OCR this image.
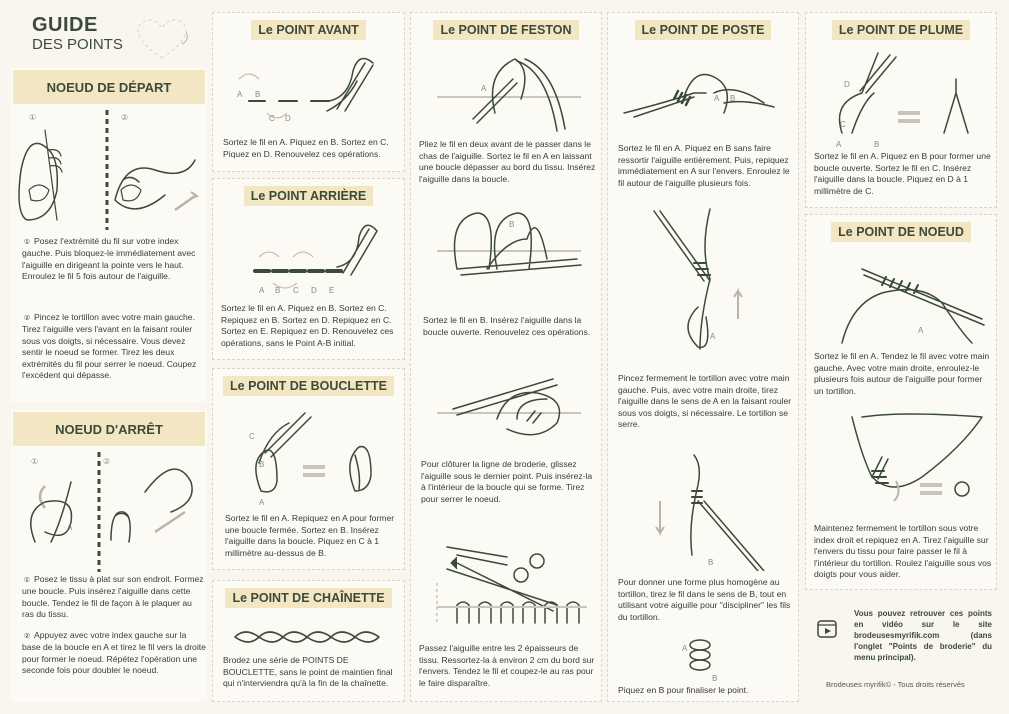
GUIDE
DES POINTS
NOEUD DE DÉPART
①	②
① Posez l'extrémité du fil sur votre index gauche. Puis bloquez-le immédiatement avec l'aiguille en dirigeant la pointe vers le haut. Enroulez le fil 5 fois autour de l'aiguille.
② Pincez le tortillon avec votre main gauche. Tirez l'aiguille vers l'avant en la faisant rouler sous vos doigts, si nécessaire. Vous devez sentir le noeud se former. Tirez les deux extrémités du fil pour serrer le noeud. Coupez l'excédent qui dépasse.
NOEUD D'ARRÊT
①	②
A
① Posez le tissu à plat sur son endroit. Formez une boucle. Puis insérez l'aiguille dans cette boucle. Tendez le fil de façon à le plaquer au ras du tissu.
② Appuyez avec votre index gauche sur la base de la boucle en A et tirez le fil vers la droite pour former le noeud. Répétez l'opération une seconde fois pour doubler le noeud.
Le POINT AVANT
A B
C D
Sortez le fil en A. Piquez en B. Sortez en C. Piquez en D. Renouvelez ces opérations.
Le POINT ARRIÈRE
A B C D E
Sortez le fil en A. Piquez en B. Sortez en C. Repiquez en B. Sortez en D. Repiquez en C. Sortez en E. Repiquez en D. Renouvelez ces opérations, sans le Point A-B initial.
Le POINT DE BOUCLETTE
C
B
A
Sortez le fil en A. Repiquez en A pour former une boucle fermée. Sortez en B. Insérez l'aiguille dans la boucle. Piquez en C à 1 millimètre au-dessus de B.
Le POINT DE CHAÎNETTE
Brodez une série de POINTS DE BOUCLETTE, sans le point de maintien final qui n'interviendra qu'à la fin de la chaînette.
Le POINT DE FESTON
A
Pliez le fil en deux avant de le passer dans le chas de l'aiguille. Sortez le fil en A en laissant une boucle dépasser au bord du tissu. Insérez l'aiguille dans la boucle.
B
Sortez le fil en B. Insérez l'aiguille dans la boucle ouverte. Renouvelez ces opérations.
Pour clôturer la ligne de broderie, glissez l'aiguille sous le dernier point. Puis insérez-la à l'intérieur de la boucle qui se forme. Tirez pour serrer le noeud.
Passez l'aiguille entre les 2 épaisseurs de tissu. Ressortez-la à environ 2 cm du bord sur l'envers. Tendez le fil et coupez-le au ras pour le faire disparaître.
Le POINT DE POSTE
A B
Sortez le fil en A. Piquez en B sans faire ressortir l'aiguille entièrement. Puis, repiquez immédiatement en A sur l'envers. Enroulez le fil autour de l'aiguille plusieurs fois.
A
Pincez fermement le tortillon avec votre main gauche. Puis, avec votre main droite, tirez l'aiguille dans le sens de A en la faisant rouler sous vos doigts, si nécessaire. Le tortillon se serre.
B
Pour donner une forme plus homogène au tortillon, tirez le fil dans le sens de B, tout en utilisant votre aiguille pour "discipliner" les fils du tortillon.
A
B
Piquez en B pour finaliser le point.
Le POINT DE PLUME
D
C
A	B
Sortez le fil en A. Piquez en B pour former une boucle ouverte. Sortez le fil en C. Insérez l'aiguille dans la boucle. Piquez en D à 1 millimètre de C.
Le POINT DE NOEUD
A
Sortez le fil en A. Tendez le fil avec votre main gauche. Avec votre main droite, enroulez-le plusieurs fois autour de l'aiguille pour former un tortillon.
Maintenez fermement le tortillon sous votre index droit et repiquez en A. Tirez l'aiguille sur l'envers du tissu pour faire passer le fil à l'intérieur du tortillon. Roulez l'aiguille sous vos doigts pour vous aider.
Vous pouvez retrouver ces points en vidéo sur le site brodeusesmyrifik.com (dans l'onglet "Points de broderie" du menu principal).
Brodeuses myrifik© - Tous droits réservés
